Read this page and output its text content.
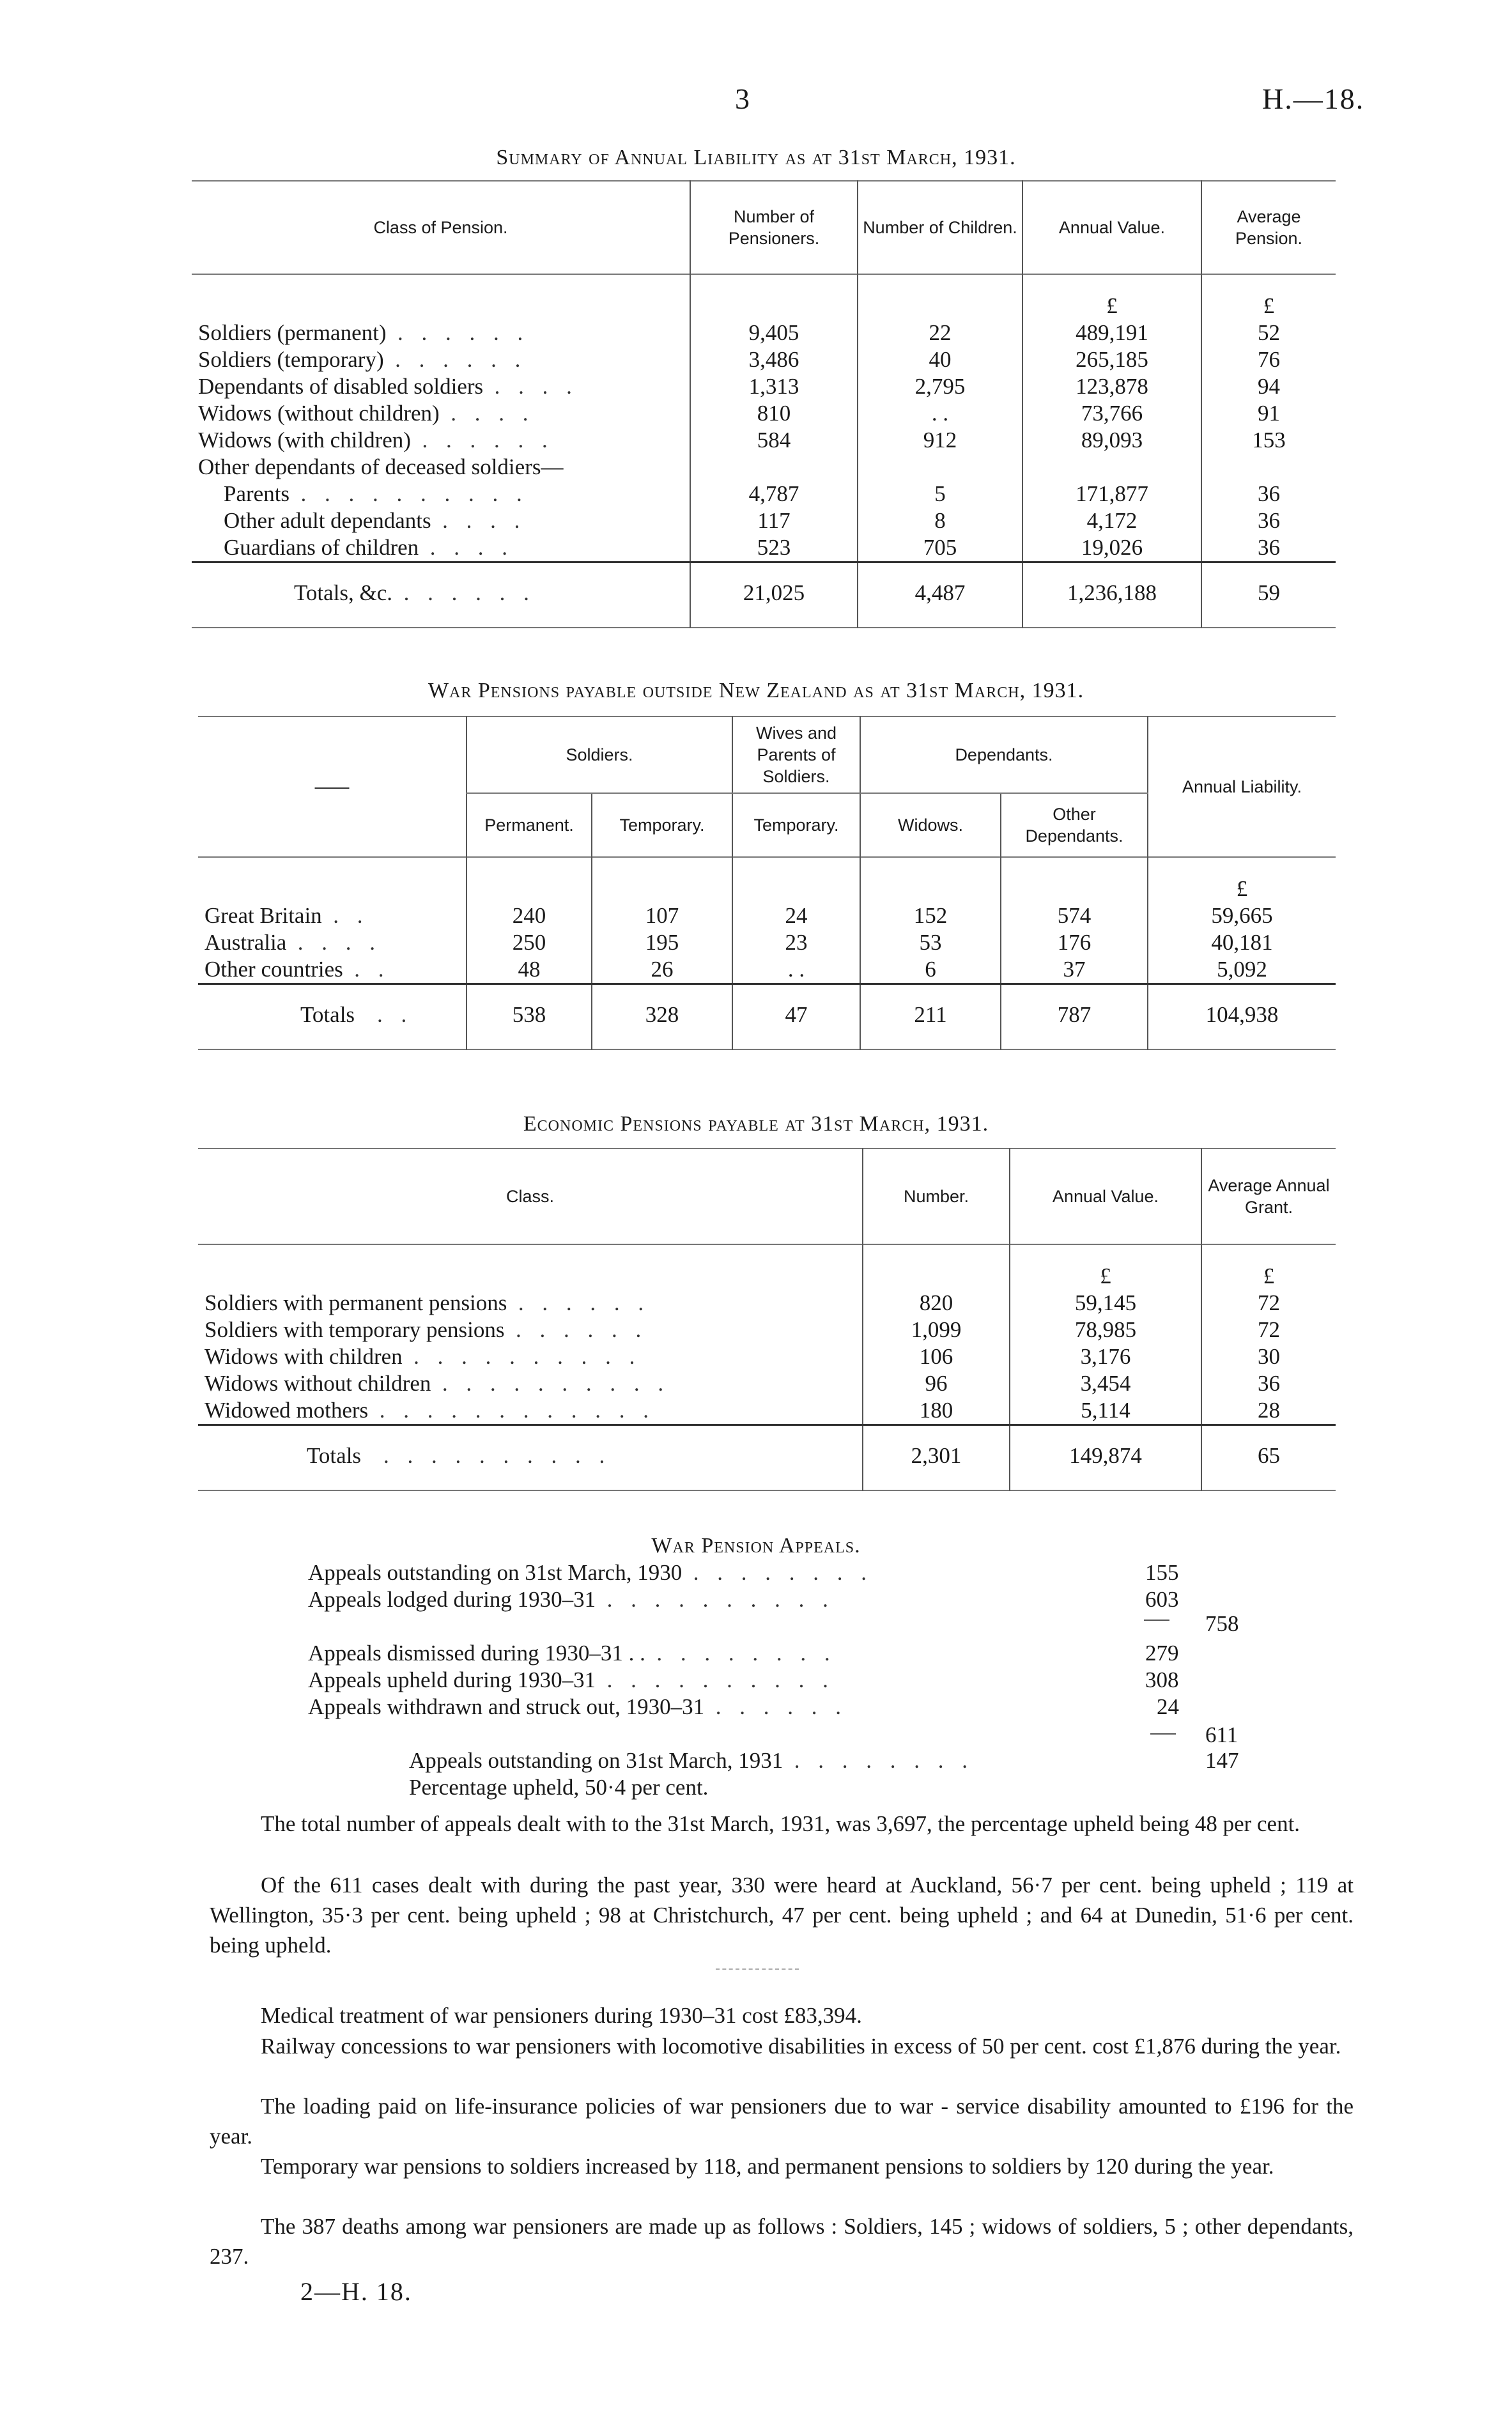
3	H.—18.
Summary of Annual Liability as at 31st March, 1931.
Class of Pension.	Number of Pensioners.	Number of Children.	Annual Value.	Average Pension.

			£	£
Soldiers (permanent) . . . . . .	9,405	22	489,191	52
Soldiers (temporary) . . . . . .	3,486	40	265,185	76
Dependants of disabled soldiers . . . .	1,313	2,795	123,878	94
Widows (without children) . . . .	810	. .	73,766	91
Widows (with children) . . . . . .	584	912	89,093	153
Other dependants of deceased soldiers—				
Parents . . . . . . . . . .	4,787	5	171,877	36
Other adult dependants . . . .	117	8	4,172	36
Guardians of children . . . .	523	705	19,026	36
Totals, &c. . . . . . .	21,025	4,487	1,236,188	59
War Pensions payable outside New Zealand as at 31st March, 1931.
——	Soldiers.		Wives and Parents of Soldiers.	Dependants.		Annual Liability.
	Permanent.	Temporary.	Temporary.	Widows.	Other Dependants.	

						£
Great Britain . .	240	107	24	152	574	59,665
Australia . . . .	250	195	23	53	176	40,181
Other countries . .	48	26	. .	6	37	5,092
Totals . .	538	328	47	211	787	104,938
Economic Pensions payable at 31st March, 1931.
Class.	Number.	Annual Value.	Average Annual Grant.

		£	£
Soldiers with permanent pensions . . . . . .	820	59,145	72
Soldiers with temporary pensions . . . . . .	1,099	78,985	72
Widows with children . . . . . . . . . .	106	3,176	30
Widows without children . . . . . . . . . .	96	3,454	36
Widowed mothers . . . . . . . . . . . .	180	5,114	28
Totals . . . . . . . . . .	2,301	149,874	65
War Pension Appeals.
Appeals outstanding on 31st March, 1930 . . . . . . . .	155
Appeals lodged during 1930–31 . . . . . . . . . .	603
758
Appeals dismissed during 1930–31 . . . . . . . . . .	279
Appeals upheld during 1930–31 . . . . . . . . . .	308
Appeals withdrawn and struck out, 1930–31 . . . . . .	24
611
Appeals outstanding on 31st March, 1931 . . . . . . . .	147
Percentage upheld, 50·4 per cent.
The total number of appeals dealt with to the 31st March, 1931, was 3,697, the percentage upheld being 48 per cent.
Of the 611 cases dealt with during the past year, 330 were heard at Auckland, 56·7 per cent. being upheld ; 119 at Wellington, 35·3 per cent. being upheld ; 98 at Christchurch, 47 per cent. being upheld ; and 64 at Dunedin, 51·6 per cent. being upheld.
Medical treatment of war pensioners during 1930–31 cost £83,394.
Railway concessions to war pensioners with locomotive disabilities in excess of 50 per cent. cost £1,876 during the year.
The loading paid on life-insurance policies of war pensioners due to war - service disability amounted to £196 for the year.
Temporary war pensions to soldiers increased by 118, and permanent pensions to soldiers by 120 during the year.
The 387 deaths among war pensioners are made up as follows : Soldiers, 145 ; widows of soldiers, 5 ; other dependants, 237.
2—H. 18.
